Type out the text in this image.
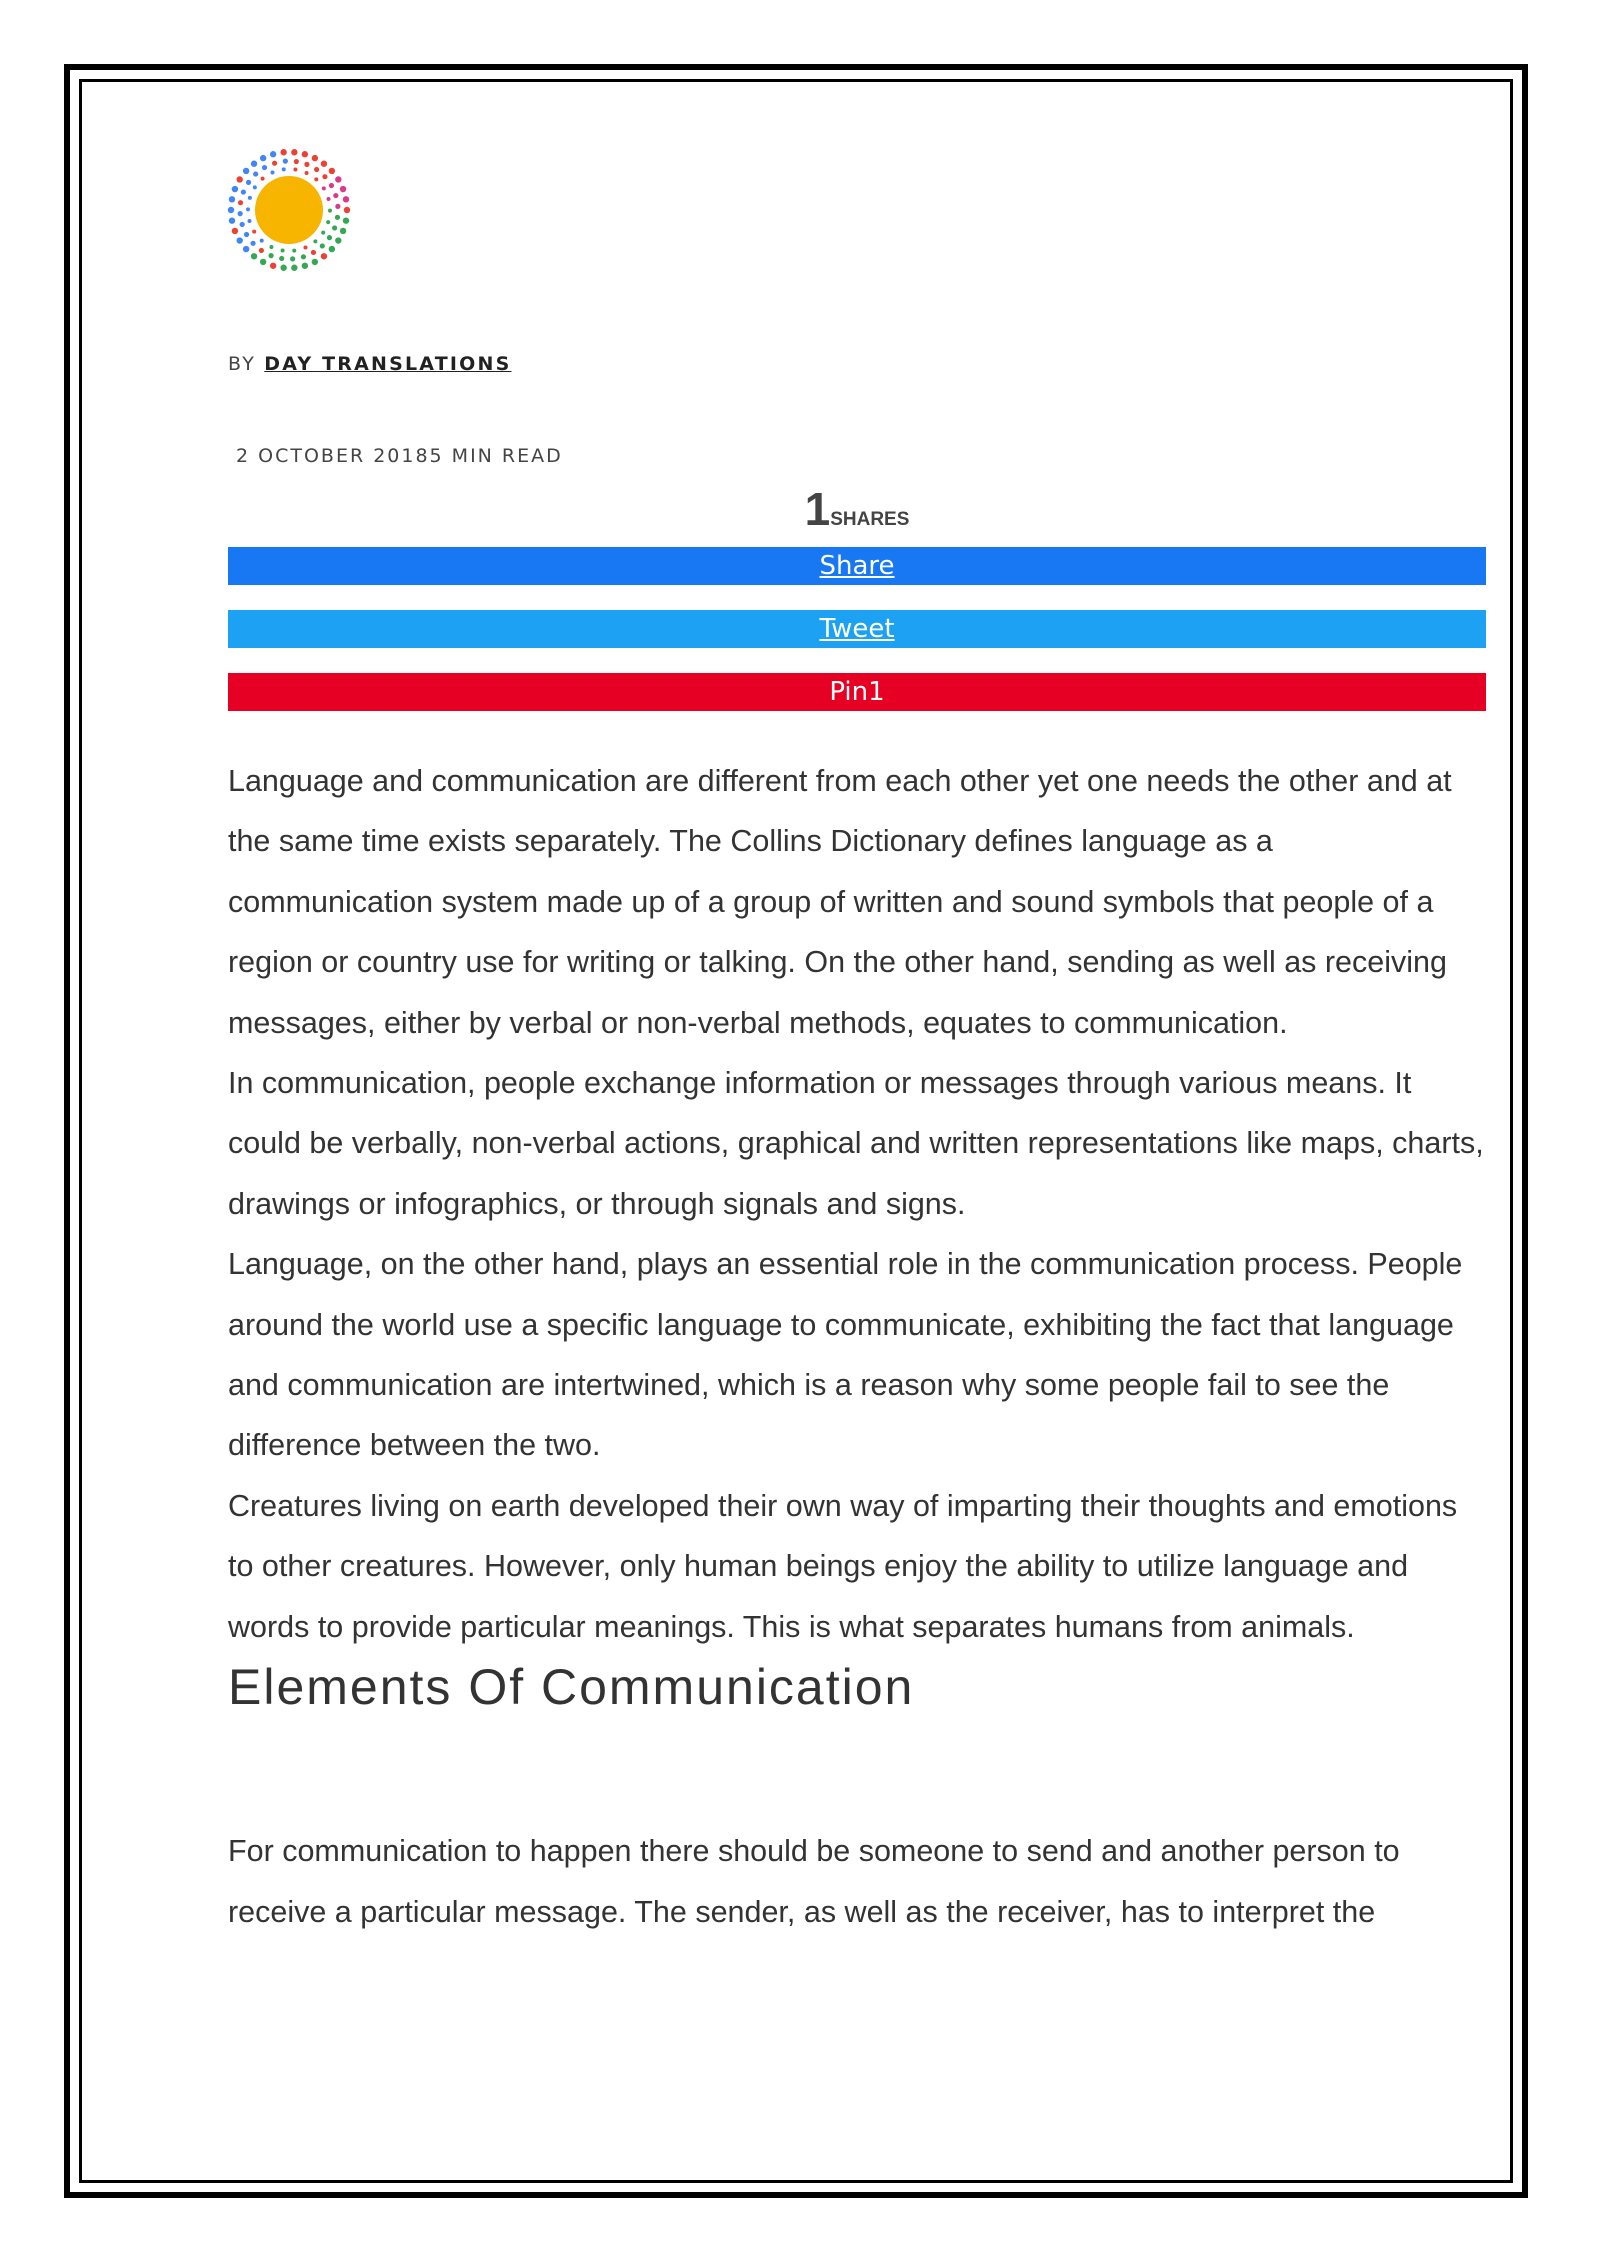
BY DAY TRANSLATIONS
2 OCTOBER 20185 MIN READ
1SHARES
Share
Tweet
Pin1

Language and communication are different from each other yet one needs the other and at the same time exists separately. The Collins Dictionary defines language as a communication system made up of a group of written and sound symbols that people of a region or country use for writing or talking. On the other hand, sending as well as receiving messages, either by verbal or non-verbal methods, equates to communication.

In communication, people exchange information or messages through various means. It could be verbally, non-verbal actions, graphical and written representations like maps, charts, drawings or infographics, or through signals and signs.

Language, on the other hand, plays an essential role in the communication process. People around the world use a specific language to communicate, exhibiting the fact that language and communication are intertwined, which is a reason why some people fail to see the difference between the two.

Creatures living on earth developed their own way of imparting their thoughts and emotions to other creatures. However, only human beings enjoy the ability to utilize language and words to provide particular meanings. This is what separates humans from animals.

Elements Of Communication

For communication to happen there should be someone to send and another person to receive a particular message. The sender, as well as the receiver, has to interpret the
